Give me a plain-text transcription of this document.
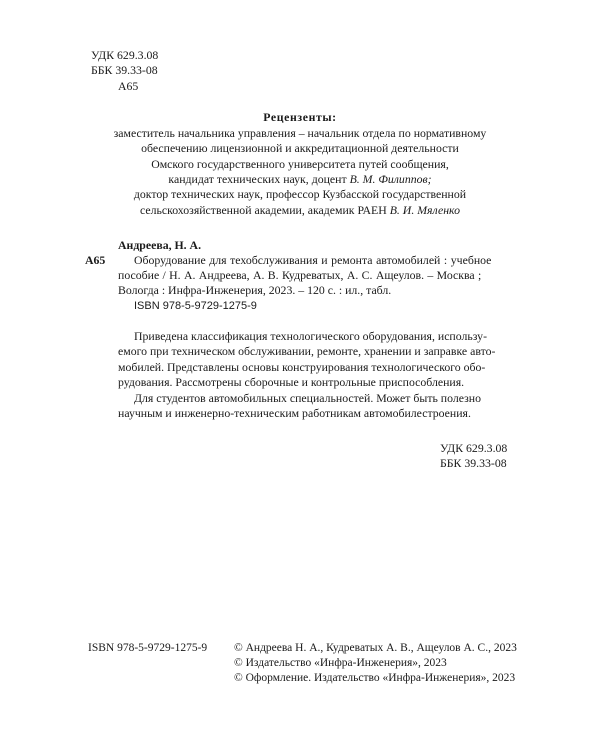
УДК 629.3.08
ББК 39.33-08
А65
Рецензенты:
заместитель начальника управления – начальник отдела по нормативному
обеспечению лицензионной и аккредитационной деятельности
Омского государственного университета путей сообщения,
кандидат технических наук, доцент В. М. Филиппов;
доктор технических наук, профессор Кузбасской государственной
сельскохозяйственной академии, академик РАЕН В. И. Мяленко
Андреева, Н. А.
А65 Оборудование для техобслуживания и ремонта автомобилей : учебное
пособие / Н. А. Андреева, А. В. Кудреватых, А. С. Ащеулов. – Москва ;
Вологда : Инфра-Инженерия, 2023. – 120 с. : ил., табл.
ISBN 978-5-9729-1275-9
Приведена классификация технологического оборудования, использу-
емого при техническом обслуживании, ремонте, хранении и заправке авто-
мобилей. Представлены основы конструирования технологического обо-
рудования. Рассмотрены сборочные и контрольные приспособления.
Для студентов автомобильных специальностей. Может быть полезно
научным и инженерно-техническим работникам автомобилестроения.
УДК 629.3.08
ББК 39.33-08
ISBN 978-5-9729-1275-9 © Андреева Н. А., Кудреватых А. В., Ащеулов А. С., 2023
© Издательство «Инфра-Инженерия», 2023
© Оформление. Издательство «Инфра-Инженерия», 2023
